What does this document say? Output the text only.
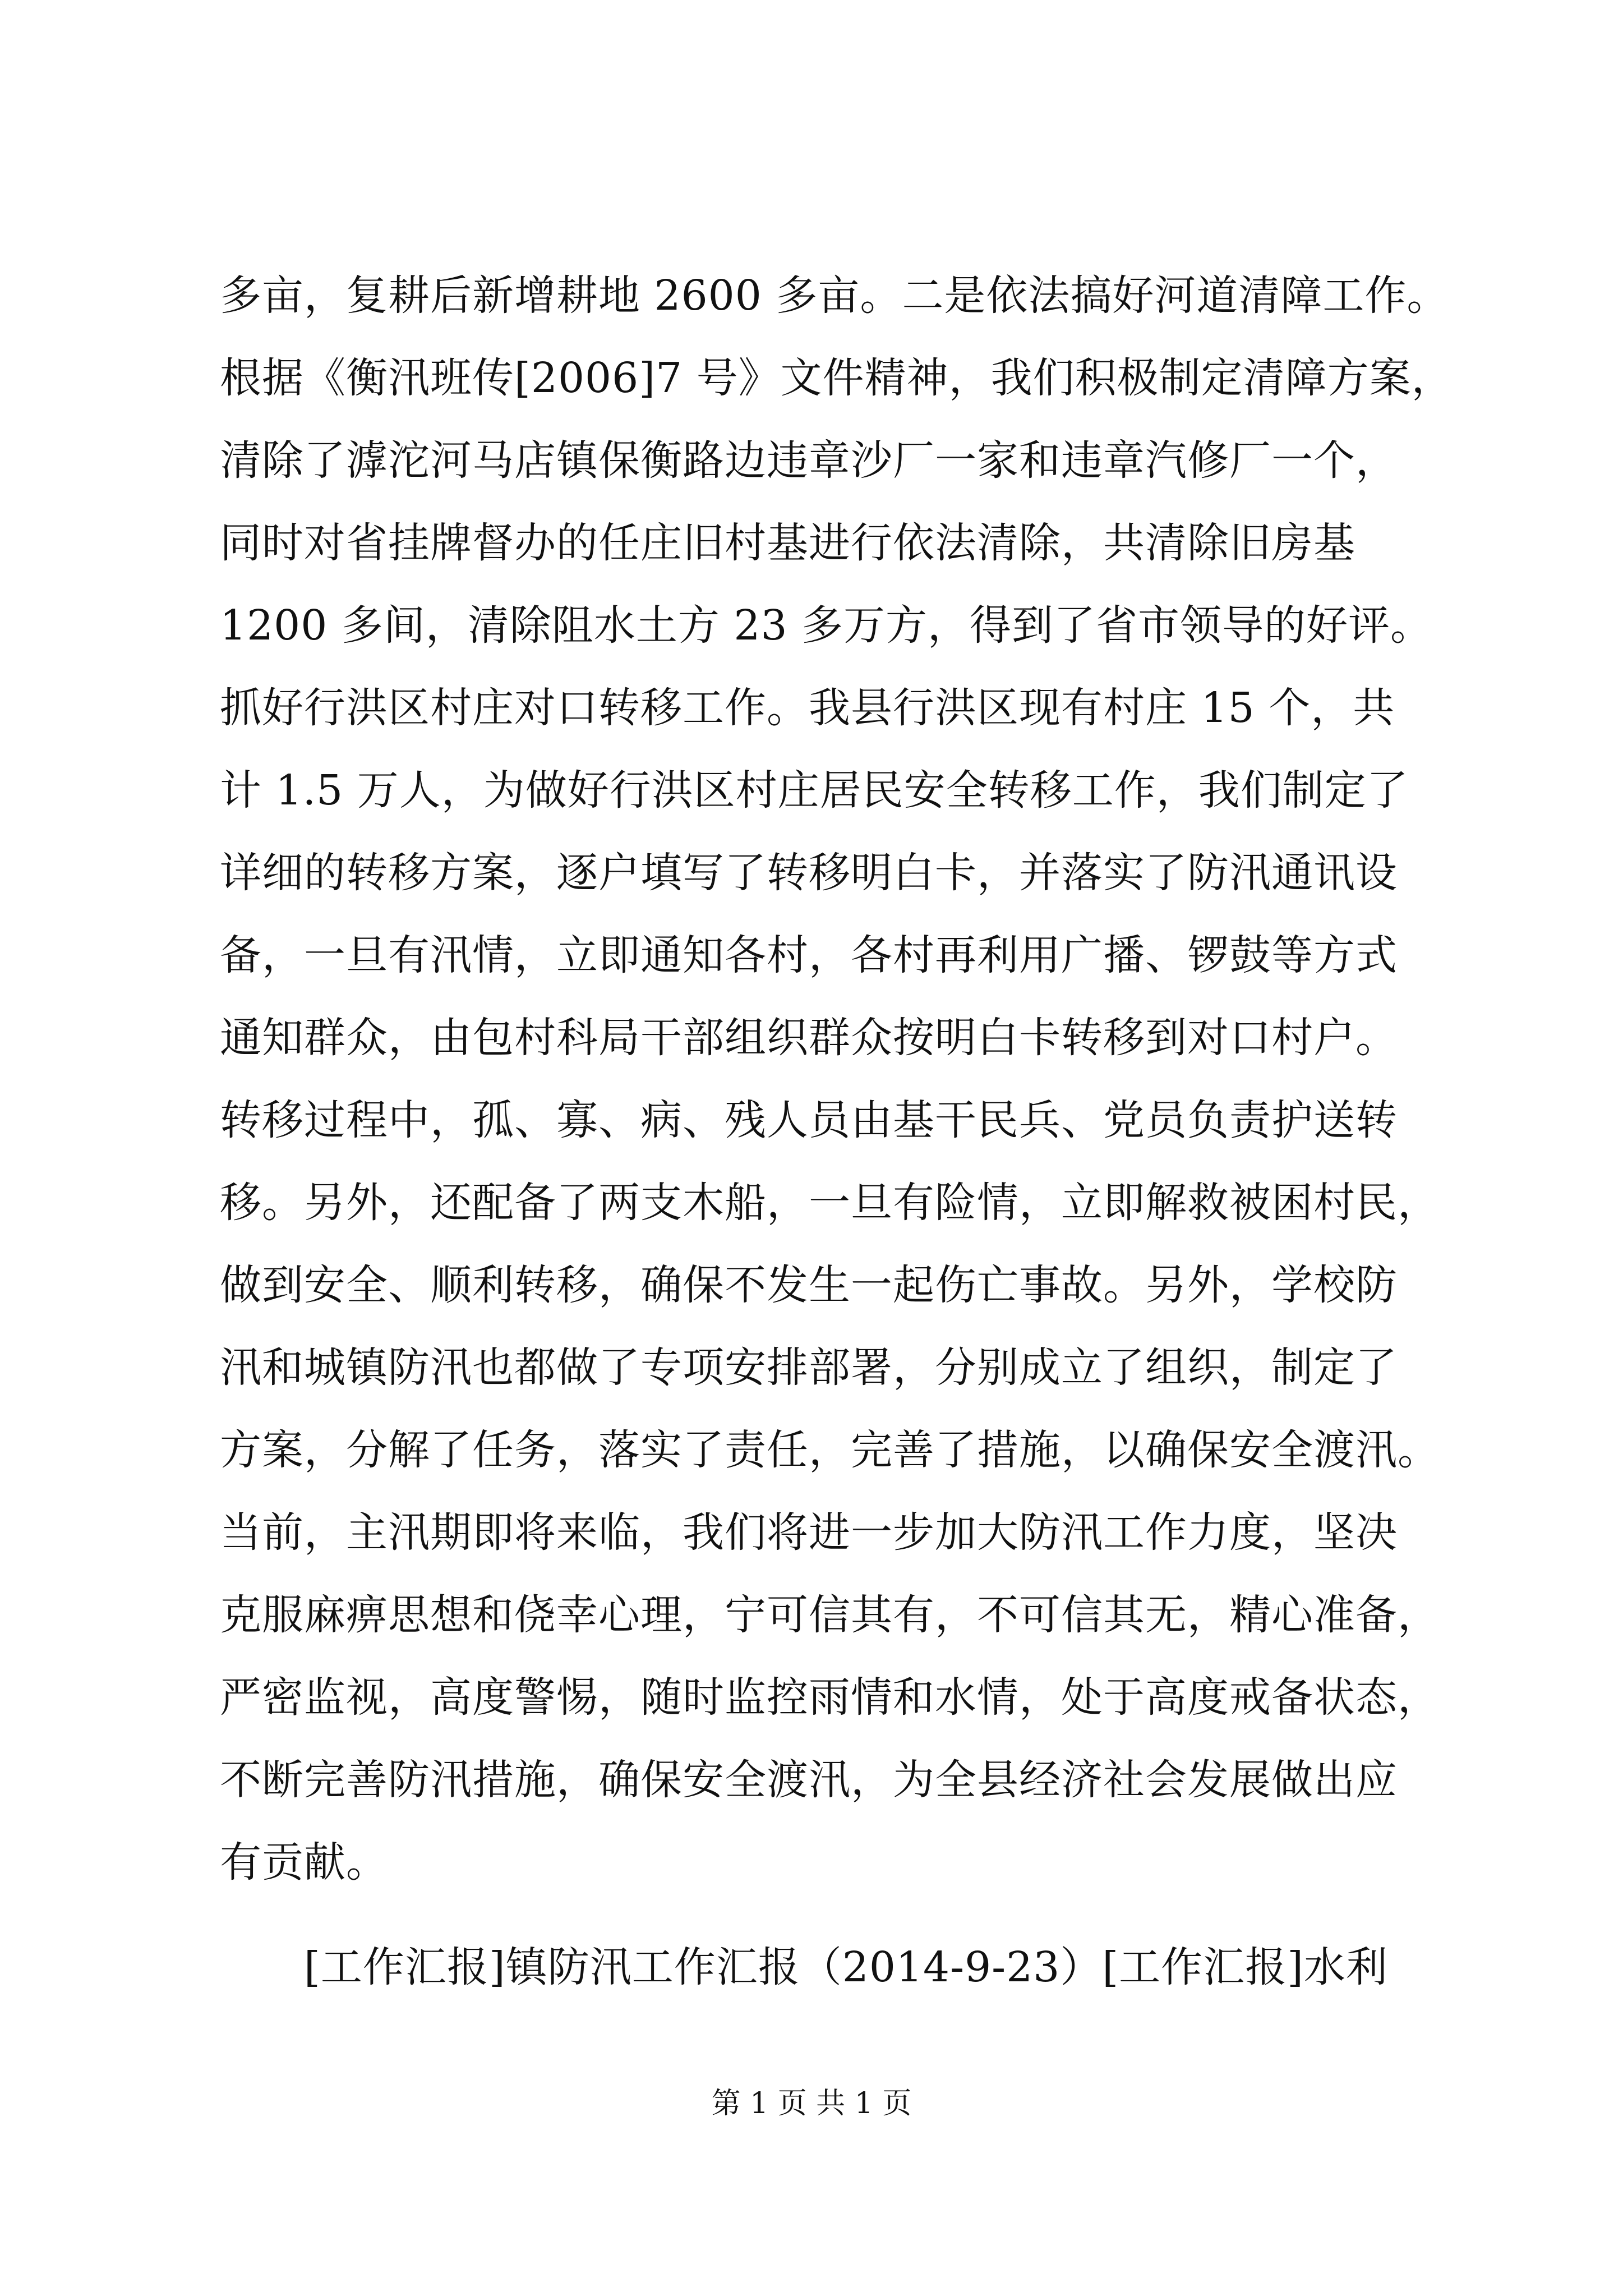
多亩，复耕后新增耕地 2600 多亩。二是依法搞好河道清障工作。
根据《衡汛班传[2006]7 号》文件精神，我们积极制定清障方案，
清除了滹沱河马店镇保衡路边违章沙厂一家和违章汽修厂一个，
同时对省挂牌督办的任庄旧村基进行依法清除，共清除旧房基
1200 多间，清除阻水土方 23 多万方，得到了省市领导的好评。
抓好行洪区村庄对口转移工作。我县行洪区现有村庄 15 个，共
计 1.5 万人，为做好行洪区村庄居民安全转移工作，我们制定了
详细的转移方案，逐户填写了转移明白卡，并落实了防汛通讯设
备，一旦有汛情，立即通知各村，各村再利用广播、锣鼓等方式
通知群众，由包村科局干部组织群众按明白卡转移到对口村户。
转移过程中，孤、寡、病、残人员由基干民兵、党员负责护送转
移。另外，还配备了两支木船，一旦有险情，立即解救被困村民，
做到安全、顺利转移，确保不发生一起伤亡事故。另外，学校防
汛和城镇防汛也都做了专项安排部署，分别成立了组织，制定了
方案，分解了任务，落实了责任，完善了措施，以确保安全渡汛。
当前，主汛期即将来临，我们将进一步加大防汛工作力度，坚决
克服麻痹思想和侥幸心理，宁可信其有，不可信其无，精心准备，
严密监视，高度警惕，随时监控雨情和水情，处于高度戒备状态，
不断完善防汛措施，确保安全渡汛，为全县经济社会发展做出应
有贡献。
[工作汇报]镇防汛工作汇报（2014-9-23）[工作汇报]水利
第 1 页 共 1 页
